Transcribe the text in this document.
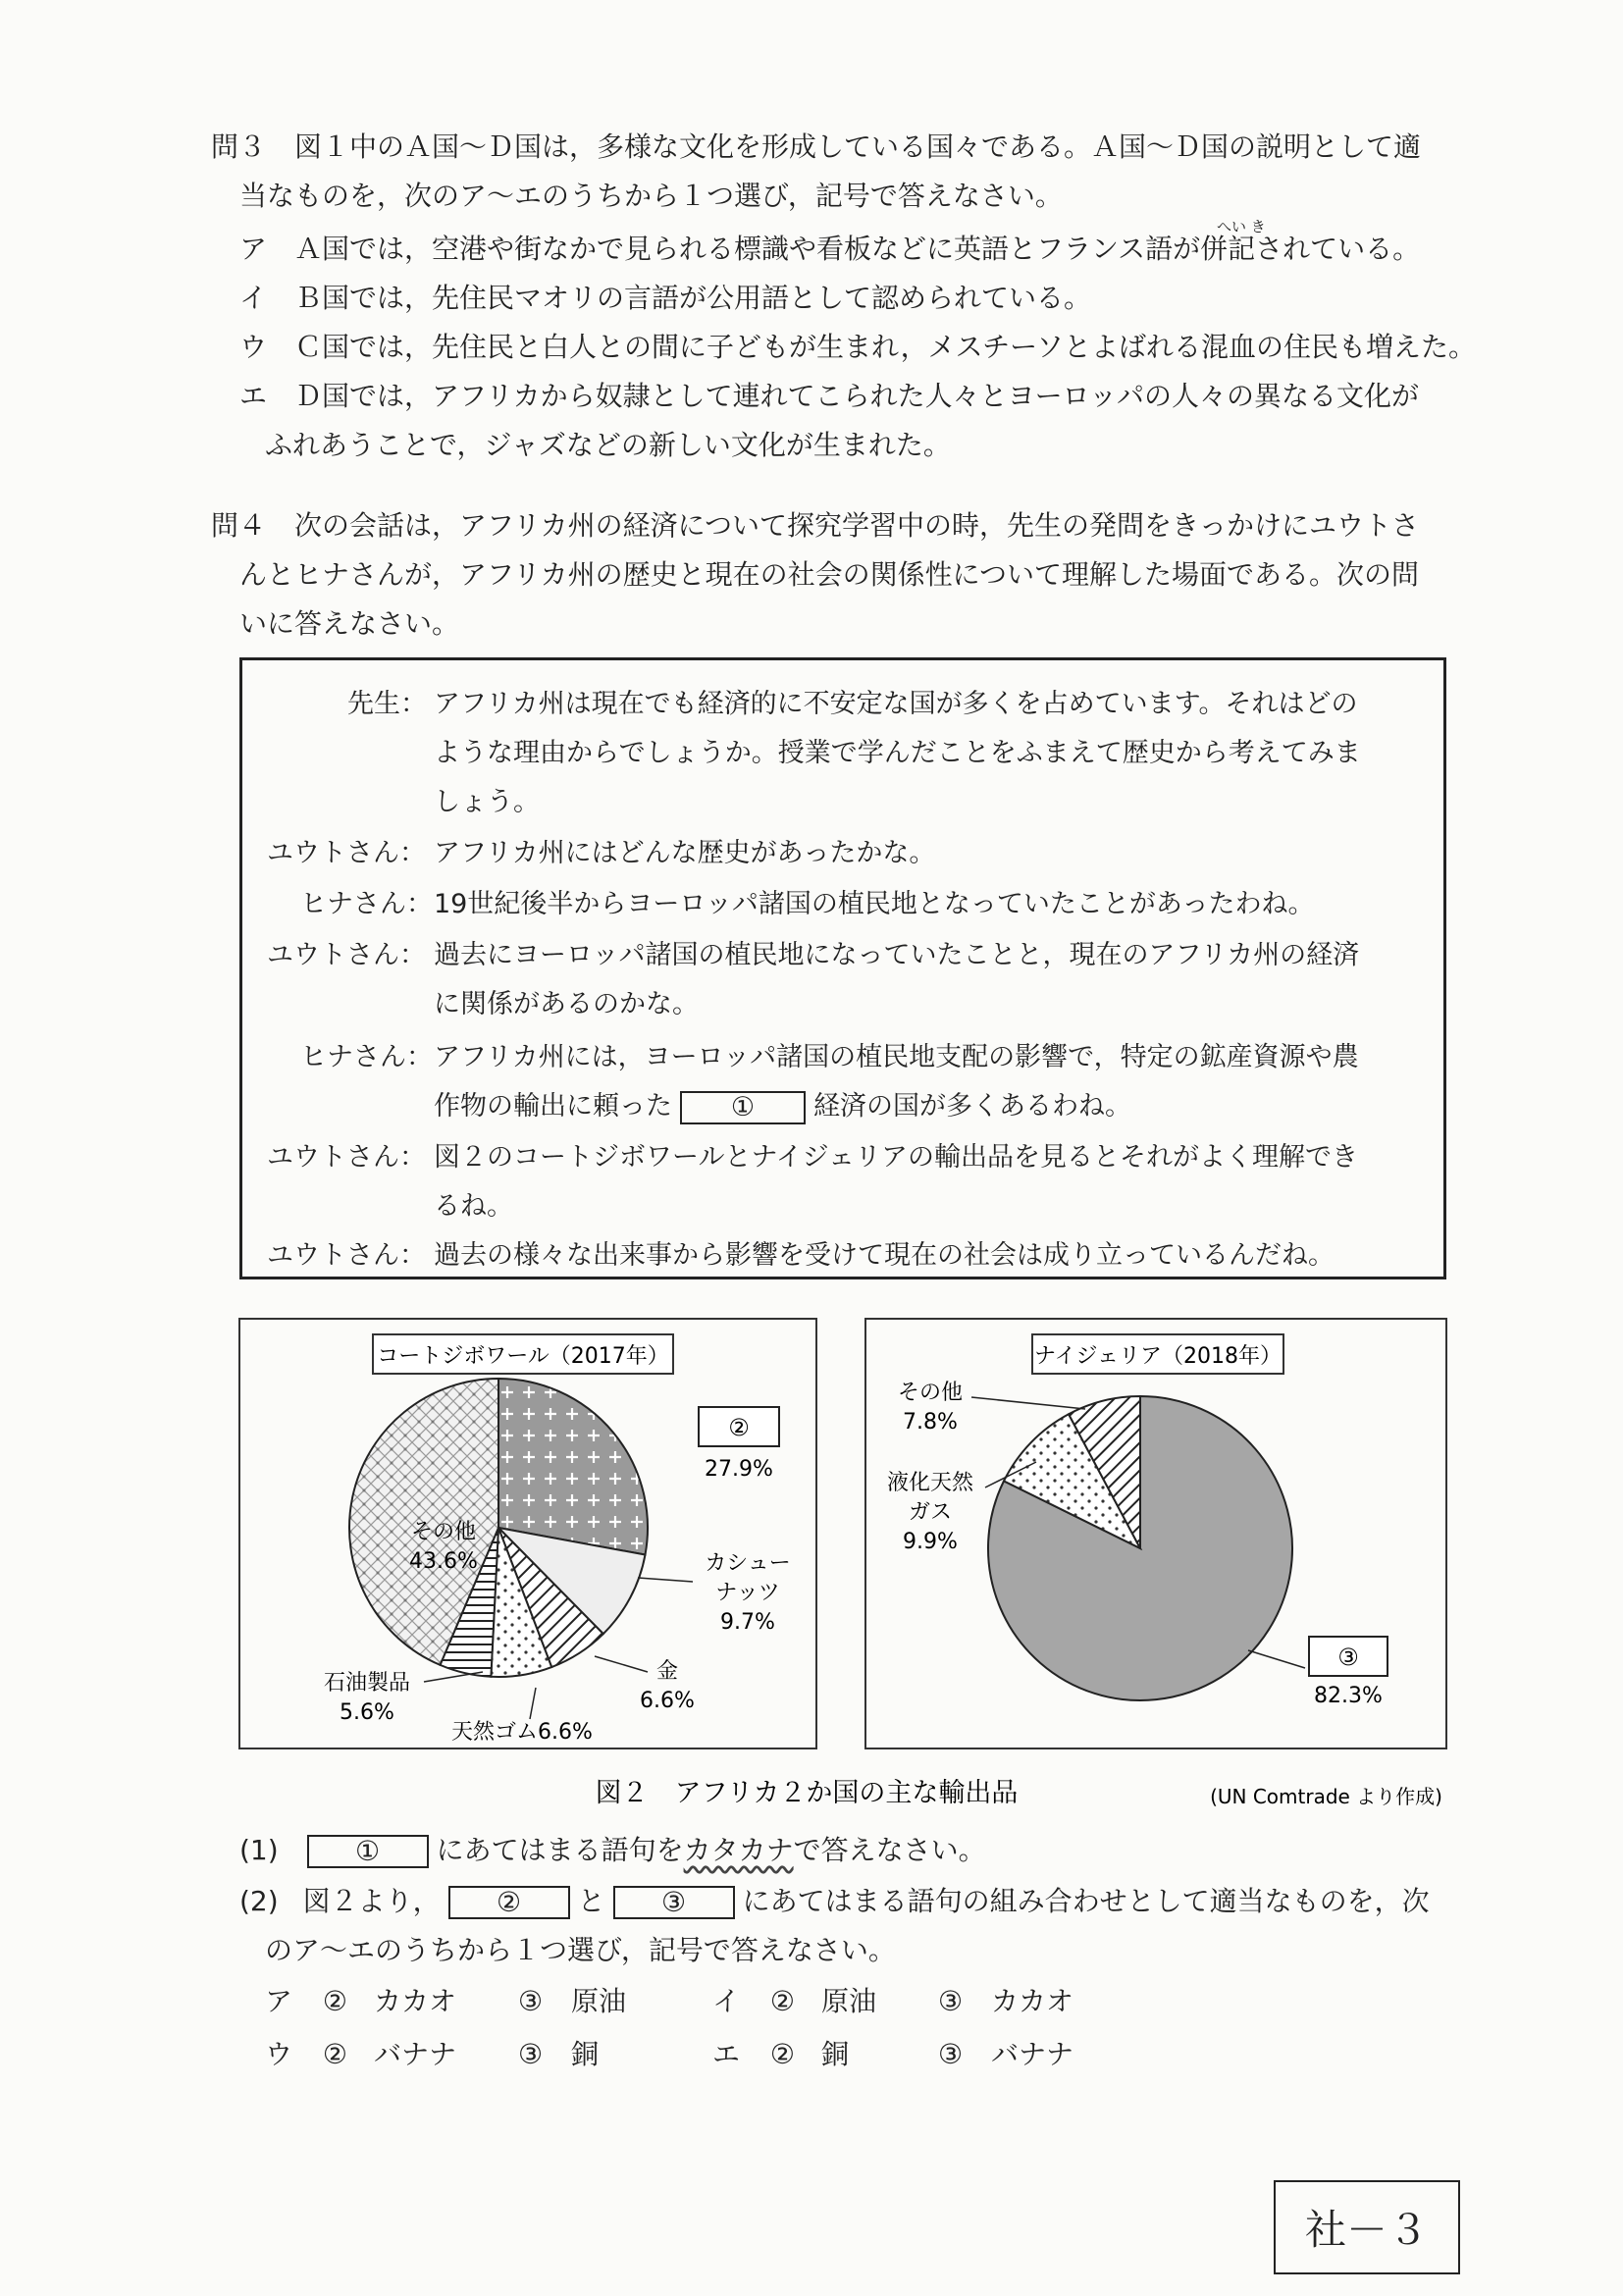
問３ 図１中のＡ国～Ｄ国は，多様な文化を形成している国々である。Ａ国～Ｄ国の説明として適
当なものを，次のア～エのうちから１つ選び，記号で答えなさい。
へい き
ア Ａ国では，空港や街なかで見られる標識や看板などに英語とフランス語が併記されている。
イ Ｂ国では，先住民マオリの言語が公用語として認められている。
ウ Ｃ国では，先住民と白人との間に子どもが生まれ，メスチーソとよばれる混血の住民も増えた。
エ Ｄ国では，アフリカから奴隷として連れてこられた人々とヨーロッパの人々の異なる文化が
ふれあうことで，ジャズなどの新しい文化が生まれた。
問４ 次の会話は，アフリカ州の経済について探究学習中の時，先生の発問をきっかけにユウトさ
んとヒナさんが，アフリカ州の歴史と現在の社会の関係性について理解した場面である。次の問
いに答えなさい。
先生： アフリカ州は現在でも経済的に不安定な国が多くを占めています。それはどの
ような理由からでしょうか。授業で学んだことをふまえて歴史から考えてみま
しょう。
ユウトさん： アフリカ州にはどんな歴史があったかな。
ヒナさん： 19世紀後半からヨーロッパ諸国の植民地となっていたことがあったわね。
ユウトさん： 過去にヨーロッパ諸国の植民地になっていたことと，現在のアフリカ州の経済
に関係があるのかな。
ヒナさん： アフリカ州には，ヨーロッパ諸国の植民地支配の影響で，特定の鉱産資源や農
作物の輸出に頼った ① 経済の国が多くあるわね。
ユウトさん： 図２のコートジボワールとナイジェリアの輸出品を見るとそれがよく理解でき
るね。
ユウトさん： 過去の様々な出来事から影響を受けて現在の社会は成り立っているんだね。
コートジボワール（2017年）	ナイジェリア（2018年）
②
27.9%
カシュー
ナッツ
9.7%
金
6.6%
天然ゴム6.6%
石油製品
5.6%
その他
43.6%
その他
7.8%
液化天然
ガス
9.9%
③
82.3%
図２　アフリカ２か国の主な輸出品	(UN Comtrade より作成)
(1)	① にあてはまる語句をカタカナで答えなさい。
(2) 図２より， ② と ③ にあてはまる語句の組み合わせとして適当なものを，次
のア～エのうちから１つ選び，記号で答えなさい。
ア ② カカオ ③ 原油	イ ② 原油 ③ カカオ
ウ ② バナナ ③ 銅	エ ② 銅	③ バナナ
社－３
